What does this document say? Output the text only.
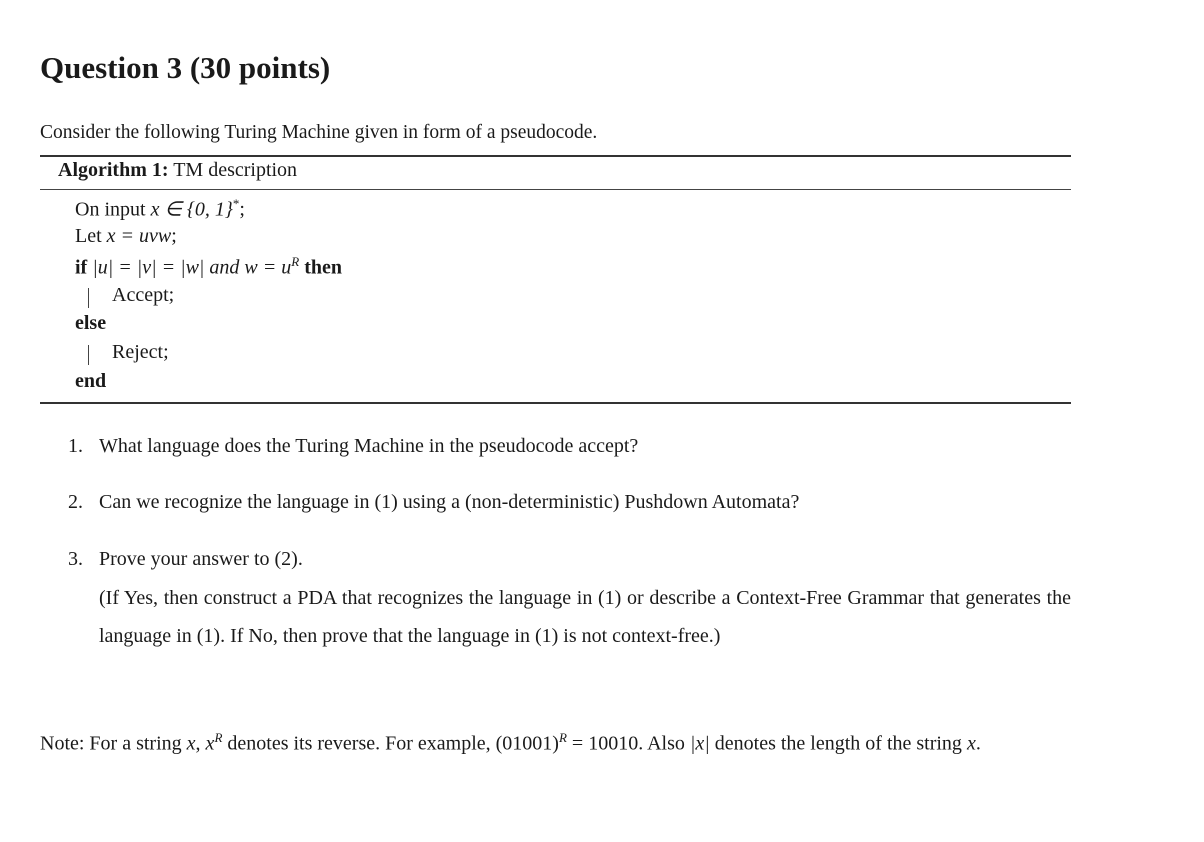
Question 3 (30 points)
Consider the following Turing Machine given in form of a pseudocode.
Algorithm 1: TM description
On input x ∈ {0, 1}*;
Let x = uvw;
if |u| = |v| = |w| and $w = u^R$ then
Accept;
else
Reject;
end
1. What language does the Turing Machine in the pseudocode accept?
2. Can we recognize the language in (1) using a (non-deterministic) Pushdown Automata?
3. Prove your answer to (2).
(If Yes, then construct a PDA that recognizes the language in (1) or describe a Context-Free Grammar that generates the language in (1). If No, then prove that the language in (1) is not context-free.)
Note: For a string x, $x^R$ denotes its reverse. For example, $(01001)^R = 10010$. Also |x| denotes the length of the string x.
